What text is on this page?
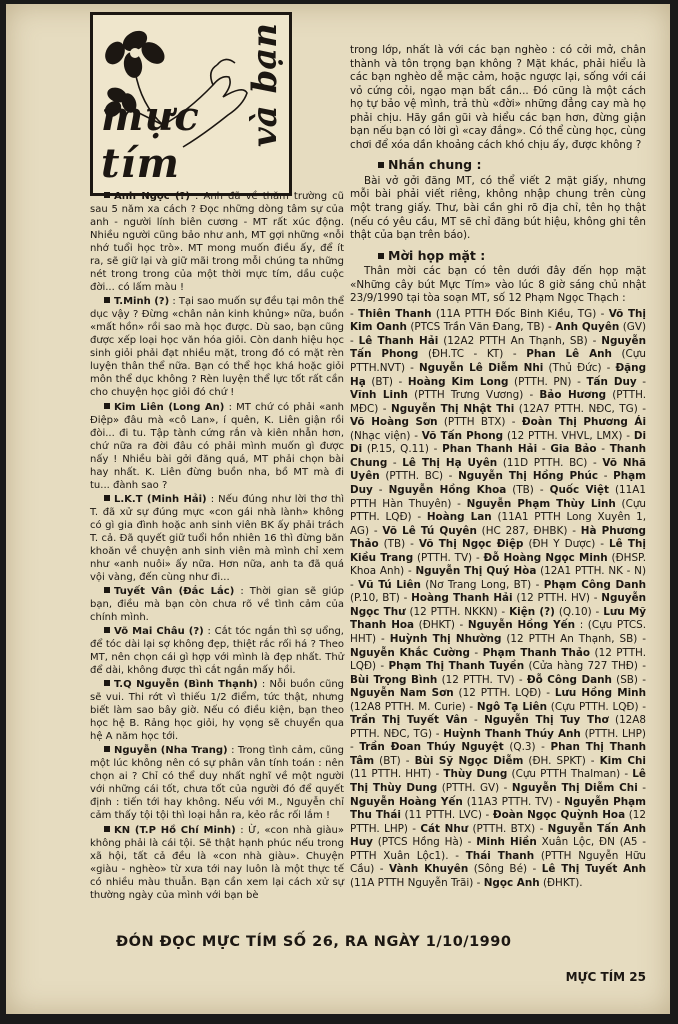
và bạn
mực tím

Anh Ngọc (?) : Anh đã về thăm trường cũ sau 5 năm xa cách ? Đọc những dòng tâm sự của anh - người lính biên cương - MT rất xúc động. Nhiều người cũng bảo như anh, MT gợi những «nỗi nhớ tuổi học trò». MT mong muốn điều ấy, để ít ra, sẽ giữ lại và giữ mãi trong mỗi chúng ta những nét trong trong của một thời mực tím, dầu cuộc đời... có lấm màu !

T.Minh (?) : Tại sao muốn sự đều tại môn thể dục vậy ? Đừng «chân nản kinh khủng» nữa, buồn «mất hồn» rồi sao mà học được. Dù sao, bạn cũng được xếp loại học văn hóa giỏi. Còn danh hiệu học sinh giỏi phải đạt nhiều mặt, trong đó có mặt rèn luyện thân thể nữa. Bạn có thể học khá hoặc giỏi môn thể dục không ? Rèn luyện thể lực tốt rất cần cho chuyện học giỏi đó chứ !

Kim Liên (Long An) : MT chứ có phải «anh Điệp» đâu mà «cô Lan», í quên, K. Liên giận rồi đòi... đi tu. Tập tành cứng rắn và kiên nhẫn hơn, chứ nữa ra đời đâu có phải mình muốn gì được nấy ! Nhiều bài gởi đăng quá, MT phải chọn bài hay nhất. K. Liên đừng buồn nha, bồ MT mà đi tu... đành sao ?

L.K.T (Minh Hải) : Nếu đúng như lời thơ thì T. đã xử sự đúng mực «con gái nhà lành» không có gì gia đình hoặc anh sinh viên BK ấy phải trách T. cả. Đã quyết giữ tuổi hồn nhiên 16 thì đừng băn khoăn về chuyện anh sinh viên mà mình chỉ xem như «anh nuôi» ấy nữa. Hơn nữa, anh ta đã quá vội vàng, đến cùng như đi...

Tuyết Vân (Đắc Lắc) : Thời gian sẽ giúp bạn, điều mà bạn còn chưa rõ về tình cảm của chính mình.

Võ Mai Châu (?) : Cắt tóc ngắn thì sợ uổng, để tóc dài lại sợ không đẹp, thiệt rắc rối há ? Theo MT, nên chọn cái gì hợp với mình là đẹp nhất. Thử để dài, không được thì cắt ngắn mấy hồi.

T.Q Nguyễn (Bình Thạnh) : Nỗi buồn cũng sẽ vui. Thi rớt vì thiếu 1/2 điểm, tức thật, nhưng biết làm sao bây giờ. Nếu có điều kiện, bạn theo học hệ B. Rảng học giỏi, hy vọng sẽ chuyển qua hệ A năm học tới.

Nguyễn (Nha Trang) : Trong tình cảm, cũng một lúc không nên có sự phân vân tính toán : nên chọn ai ? Chỉ có thể duy nhất nghĩ về một người với những cái tốt, chưa tốt của người đó để quyết định : tiến tới hay không. Nếu với M., Nguyễn chỉ cảm thấy tội tội thì loại hẳn ra, kẻo rắc rối lắm !

KN (T.P Hồ Chí Minh) : Ừ, «con nhà giàu» không phải là cái tội. Sẽ thật hạnh phúc nếu trong xã hội, tất cả đều là «con nhà giàu». Chuyện «giàu - nghèo» từ xưa tới nay luôn là một thực tế có nhiều màu thuẫn. Bạn cần xem lại cách xử sự thường ngày của mình với bạn bè

trong lớp, nhất là với các bạn nghèo : có cởi mở, chân thành và tôn trọng bạn không ? Mặt khác, phải hiểu là các bạn nghèo dễ mặc cảm, hoặc ngược lại, sống với cái vỏ cứng cỏi, ngạo mạn bất cần... Đó cũng là một cách họ tự bảo vệ mình, trả thù «đời» những đẳng cay mà họ phải chịu. Hãy gần gũi và hiểu các bạn hơn, đừng giận bạn nếu bạn có lời gì «cay đắng». Có thể cùng học, cùng chơi để xóa dần khoảng cách khó chịu ấy, được không ?

Nhắn chung :

Bài vở gởi đăng MT, có thể viết 2 mặt giấy, nhưng mỗi bài phải viết riêng, không nhập chung trên cùng một trang giấy. Thư, bài cần ghi rõ địa chỉ, tên họ thật (nếu có yêu cầu, MT sẽ chỉ đăng bút hiệu, không ghi tên thật của bạn trên báo).

Mời họp mặt :

Thân mời các bạn có tên dưới đây đến họp mặt «Những cây bút Mực Tím» vào lúc 8 giờ sáng chủ nhật 23/9/1990 tại tòa soạn MT, số 12 Phạm Ngọc Thạch :

- Thiên Thanh (11A PTTH Đốc Binh Kiều, TG) - Võ Thị Kim Oanh (PTCS Trần Văn Đang, TB) - Anh Quyên (GV) - Lê Thanh Hải (12A2 PTTH An Thạnh, SB) - Nguyễn Tấn Phong (ĐH.TC - KT) - Phan Lê Anh (Cựu PTTH.NVT) - Nguyễn Lê Diễm Nhi (Thủ Đức) - Đặng Hạ (BT) - Hoàng Kim Long (PTTH. PN) - Tấn Duy - Vĩnh Linh (PTTH Trưng Vương) - Bảo Hương (PTTH. MĐC) - Nguyễn Thị Nhật Thi (12A7 PTTH. NĐC, TG) - Võ Hoàng Sơn (PTTH BTX) - Đoàn Thị Phương Ái (Nhạc viện) - Võ Tấn Phong (12 PTTH. VHVL, LMX) - Di Di (P.15, Q.11) - Phan Thanh Hải - Gia Bảo - Thanh Chung - Lê Thị Hạ Uyên (11D PTTH. BC) - Võ Nhã Uyên (PTTH. BC) - Nguyễn Thị Hồng Phúc - Phạm Duy - Nguyễn Hồng Khoa (TB) - Quốc Việt (11A1 PTTH Hàn Thuyên) - Nguyễn Phạm Thùy Linh (Cựu PTTH. LQĐ) - Hoàng Lan (11A1 PTTH Long Xuyên 1, AG) - Võ Lê Tú Quyên (HC 287, ĐHBK) - Hà Phương Thảo (TB) - Võ Thị Ngọc Điệp (ĐH Y Dược) - Lê Thị Kiều Trang (PTTH. TV) - Đỗ Hoàng Ngọc Minh (ĐHSP. Khoa Anh) - Nguyễn Thị Quý Hòa (12A1 PTTH. NK - N) - Vũ Tú Liên (Nơ Trang Long, BT) - Phạm Công Danh (P.10, BT) - Hoàng Thanh Hải (12 PTTH. HV) - Nguyễn Ngọc Thư (12 PTTH. NKKN) - Kiện (?) (Q.10) - Lưu Mỹ Thanh Hoa (ĐHKT) - Nguyễn Hồng Yến : (Cựu PTCS. HHT) - Huỳnh Thị Nhường (12 PTTH An Thạnh, SB) - Nguyễn Khắc Cường - Phạm Thanh Thảo (12 PTTH. LQĐ) - Phạm Thị Thanh Tuyền (Cửa hàng 727 THĐ) - Bùi Trọng Bình (12 PTTH. TV) - Đỗ Công Danh (SB) - Nguyễn Nam Sơn (12 PTTH. LQĐ) - Lưu Hồng Minh (12A8 PTTH. M. Curie) - Ngô Tạ Liên (Cựu PTTH. LQĐ) - Trần Thị Tuyết Vân - Nguyễn Thị Tuy Thơ (12A8 PTTH. NĐC, TG) - Huỳnh Thanh Thúy Anh (PTTH. LHP) - Trần Đoan Thúy Nguyệt (Q.3) - Phan Thị Thanh Tâm (BT) - Bùi Sỹ Ngọc Diễm (ĐH. SPKT) - Kim Chi (11 PTTH. HHT) - Thùy Dung (Cựu PTTH Thalman) - Lê Thị Thùy Dung (PTTH. GV) - Nguyễn Thị Diễm Chi - Nguyễn Hoàng Yến (11A3 PTTH. TV) - Nguyễn Phạm Thu Thái (11 PTTH. LVC) - Đoàn Ngọc Quỳnh Hoa (12 PTTH. LHP) - Cát Như (PTTH. BTX) - Nguyễn Tấn Anh Huy (PTCS Hồng Hà) - Minh Hiền Xuân Lộc, ĐN (A5 - PTTH Xuân Lộc1). - Thái Thanh (PTTH Nguyễn Hữu Cầu) - Vành Khuyên (Sông Bé) - Lê Thị Tuyết Anh (11A PTTH Nguyễn Trãi) - Ngọc Anh (ĐHKT).

ĐÓN ĐỌC MỰC TÍM SỐ 26, RA NGÀY 1/10/1990
MỰC TÍM 25
